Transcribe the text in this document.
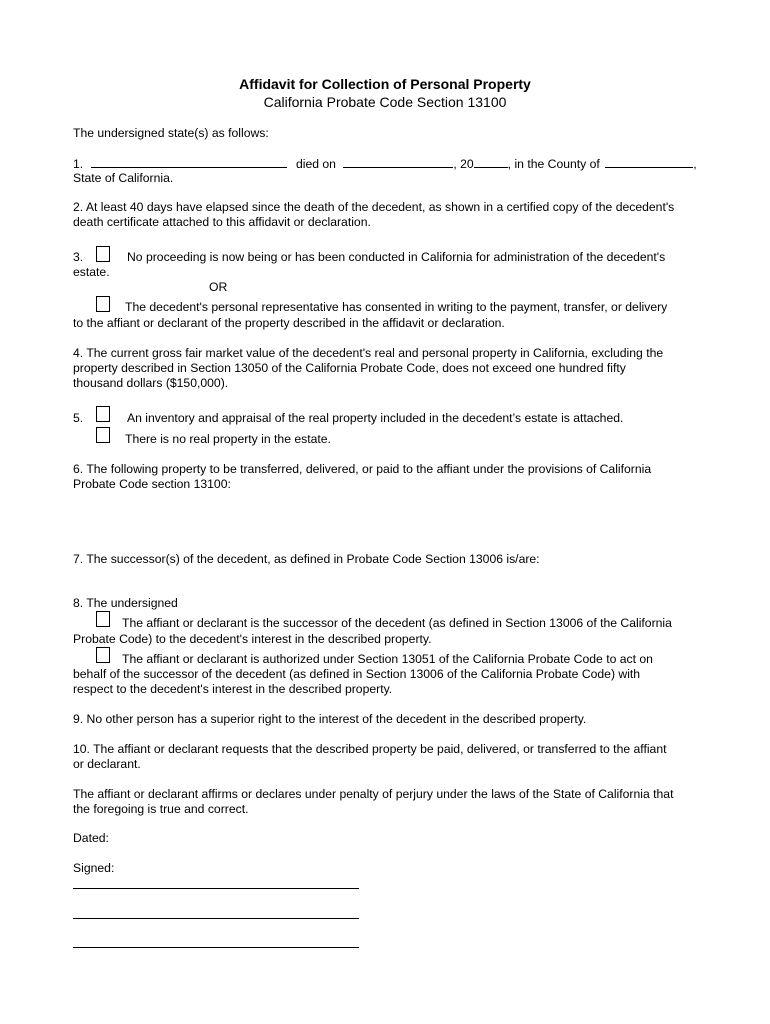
Affidavit for Collection of Personal Property
California Probate Code Section 13100
The undersigned state(s) as follows:
1.	died on	, 20	, in the County of	,
State of California.
2. At least 40 days have elapsed since the death of the decedent, as shown in a certified copy of the decedent's
death certificate attached to this affidavit or declaration.
3.	No proceeding is now being or has been conducted in California for administration of the decedent's
estate.
OR
The decedent's personal representative has consented in writing to the payment, transfer, or delivery
to the affiant or declarant of the property described in the affidavit or declaration.
4. The current gross fair market value of the decedent's real and personal property in California, excluding the
property described in Section 13050 of the California Probate Code, does not exceed one hundred fifty
thousand dollars ($150,000).
5.	An inventory and appraisal of the real property included in the decedent’s estate is attached.
There is no real property in the estate.
6. The following property to be transferred, delivered, or paid to the affiant under the provisions of California
Probate Code section 13100:
7. The successor(s) of the decedent, as defined in Probate Code Section 13006 is/are:
8. The undersigned
The affiant or declarant is the successor of the decedent (as defined in Section 13006 of the California
Probate Code) to the decedent's interest in the described property.
The affiant or declarant is authorized under Section 13051 of the California Probate Code to act on
behalf of the successor of the decedent (as defined in Section 13006 of the California Probate Code) with
respect to the decedent's interest in the described property.
9. No other person has a superior right to the interest of the decedent in the described property.
10. The affiant or declarant requests that the described property be paid, delivered, or transferred to the affiant
or declarant.
The affiant or declarant affirms or declares under penalty of perjury under the laws of the State of California that
the foregoing is true and correct.
Dated:
Signed:
